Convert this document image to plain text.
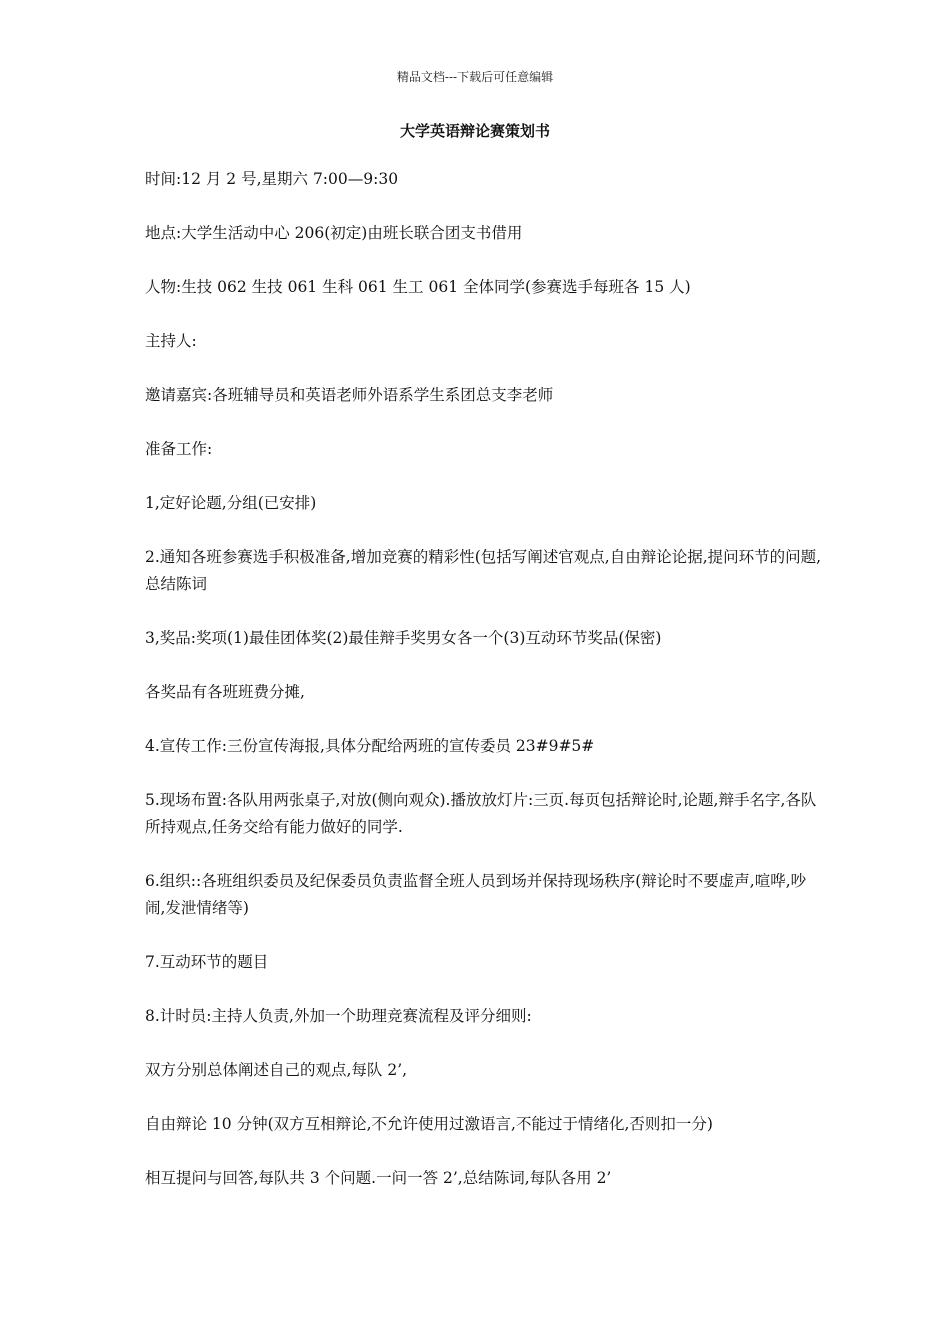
精品文档---下载后可任意编辑
大学英语辩论赛策划书

时间:12 月 2 号,星期六 7:00—9:30

地点:大学生活动中心 206(初定)由班长联合团支书借用

人物:生技 062 生技 061 生科 061 生工 061 全体同学(参赛选手每班各 15 人)

主持人:

邀请嘉宾:各班辅导员和英语老师外语系学生系团总支李老师

准备工作:

1,定好论题,分组(已安排)

2.通知各班参赛选手积极准备,增加竞赛的精彩性(包括写阐述官观点,自由辩论论据,提问环节的问题,总结陈词

3,奖品:奖项(1)最佳团体奖(2)最佳辩手奖男女各一个(3)互动环节奖品(保密)

各奖品有各班班费分摊,

4.宣传工作:三份宣传海报,具体分配给两班的宣传委员 23#9#5#

5.现场布置:各队用两张桌子,对放(侧向观众).播放放灯片:三页.每页包括辩论时,论题,辩手名字,各队所持观点,任务交给有能力做好的同学.

6.组织::各班组织委员及纪保委员负责监督全班人员到场并保持现场秩序(辩论时不要虚声,喧哗,吵闹,发泄情绪等)

7.互动环节的题目

8.计时员:主持人负责,外加一个助理竞赛流程及评分细则:

双方分别总体阐述自己的观点,每队 2’,

自由辩论 10 分钟(双方互相辩论,不允许使用过激语言,不能过于情绪化,否则扣一分)

相互提问与回答,每队共 3 个问题.一问一答 2’,总结陈词,每队各用 2’
